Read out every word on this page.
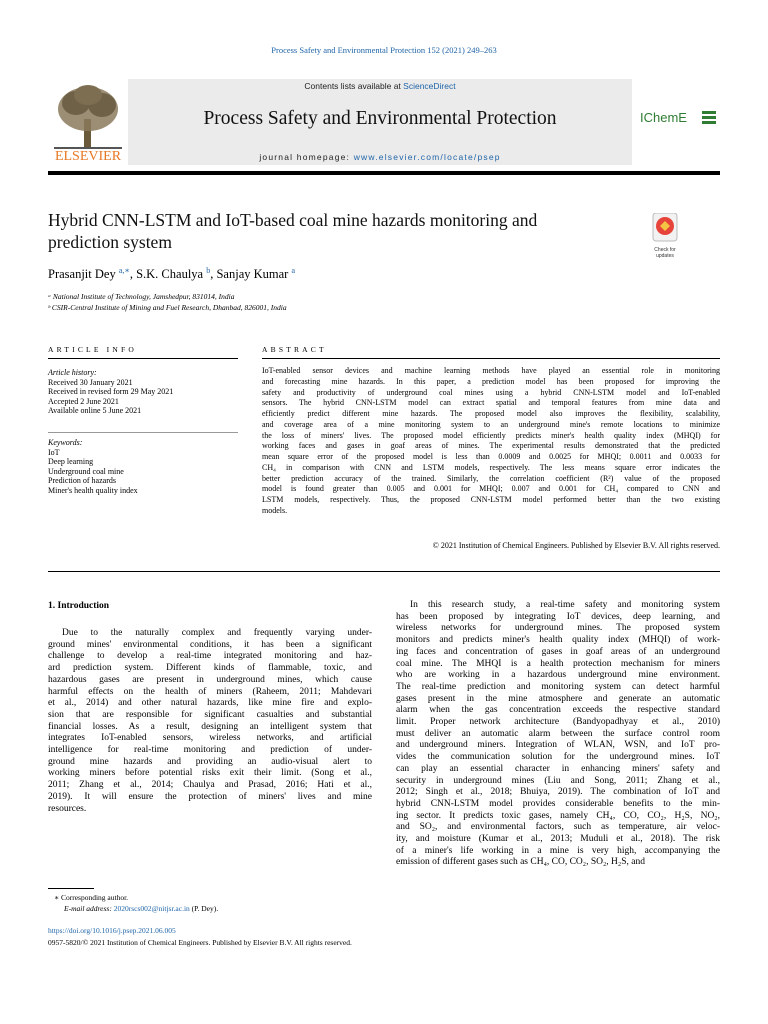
Process Safety and Environmental Protection 152 (2021) 249–263
ELSEVIER
Contents lists available at ScienceDirect
Process Safety and Environmental Protection
journal homepage: www.elsevier.com/locate/psep
IChemE
Hybrid CNN-LSTM and IoT-based coal mine hazards monitoring and
prediction system	Check for updates
Prasanjit Dey $^{a,∗}$, S.K. Chaulya $^b$, Sanjay Kumar $^a$
ᵃ National Institute of Technology, Jamshedpur, 831014, India
ᵇ CSIR-Central Institute of Mining and Fuel Research, Dhanbad, 826001, India
ARTICLE INFO	ABSTRACT
Article history:
Received 30 January 2021
Received in revised form 29 May 2021
Accepted 2 June 2021
Available online 5 June 2021
Keywords:
IoT
Deep learning
Underground coal mine
Prediction of hazards
Miner's health quality index
IoT-enabled sensor devices and machine learning methods have played an essential role in monitoring
and forecasting mine hazards. In this paper, a prediction model has been proposed for improving the
safety and productivity of underground coal mines using a hybrid CNN-LSTM model and IoT-enabled
sensors. The hybrid CNN-LSTM model can extract spatial and temporal features from mine data and
efficiently predict different mine hazards. The proposed model also improves the flexibility, scalability,
and coverage area of a mine monitoring system to an underground mine's remote locations to minimize
the loss of miners' lives. The proposed model efficiently predicts miner's health quality index (MHQI) for
working faces and gases in goaf areas of mines. The experimental results demonstrated that the predicted
mean square error of the proposed model is less than 0.0009 and 0.0025 for MHQI; 0.0011 and 0.0033 for
CH₄ in comparison with CNN and LSTM models, respectively. The less means square error indicates the
better prediction accuracy of the trained. Similarly, the correlation coefficient (R²) value of the proposed
model is found greater than 0.005 and 0.001 for MHQI; 0.007 and 0.001 for CH₄ compared to CNN and
LSTM models, respectively. Thus, the proposed CNN-LSTM model performed better than the two existing
models.
© 2021 Institution of Chemical Engineers. Published by Elsevier B.V. All rights reserved.
1. Introduction
Due to the naturally complex and frequently varying under-
ground mines' environmental conditions, it has been a significant
challenge to develop a real-time integrated monitoring and haz-
ard prediction system. Different kinds of flammable, toxic, and
hazardous gases are present in underground mines, which cause
harmful effects on the health of miners (Raheem, 2011; Mahdevari
et al., 2014) and other natural hazards, like mine fire and explo-
sion that are responsible for significant casualties and substantial
financial losses. As a result, designing an intelligent system that
integrates IoT-enabled sensors, wireless networks, and artificial
intelligence for real-time monitoring and prediction of under-
ground mine hazards and providing an audio-visual alert to
working miners before potential risks exit their limit. (Song et al.,
2011; Zhang et al., 2014; Chaulya and Prasad, 2016; Hati et al.,
2019). It will ensure the protection of miners' lives and mine
resources.
In this research study, a real-time safety and monitoring system
has been proposed by integrating IoT devices, deep learning, and
wireless networks for underground mines. The proposed system
monitors and predicts miner's health quality index (MHQI) of work-
ing faces and concentration of gases in goaf areas of an underground
coal mine. The MHQI is a health protection mechanism for miners
who are working in a hazardous underground mine environment.
The real-time prediction and monitoring system can detect harmful
gases present in the mine atmosphere and generate an automatic
alarm when the gas concentration exceeds the respective standard
limit. Proper network architecture (Bandyopadhyay et al., 2010)
must deliver an automatic alarm between the surface control room
and underground miners. Integration of WLAN, WSN, and IoT pro-
vides the communication solution for the underground mines. IoT
can play an essential character in enhancing miners' safety and
security in underground mines (Liu and Song, 2011; Zhang et al.,
2012; Singh et al., 2018; Bhuiya, 2019). The combination of IoT and
hybrid CNN-LSTM model provides considerable benefits to the min-
ing sector. It predicts toxic gases, namely CH₄, CO, CO₂, H₂S, NO₂,
and SO₂, and environmental factors, such as temperature, air veloc-
ity, and moisture (Kumar et al., 2013; Muduli et al., 2018). The risk
of a miner's life working in a mine is very high, accompanying the
emission of different gases such as CH₄, CO, CO₂, SO₂, H₂S, and
∗ Corresponding author.
E-mail address: 2020rscs002@nitjsr.ac.in (P. Dey).
https://doi.org/10.1016/j.psep.2021.06.005
0957-5820/© 2021 Institution of Chemical Engineers. Published by Elsevier B.V. All rights reserved.
